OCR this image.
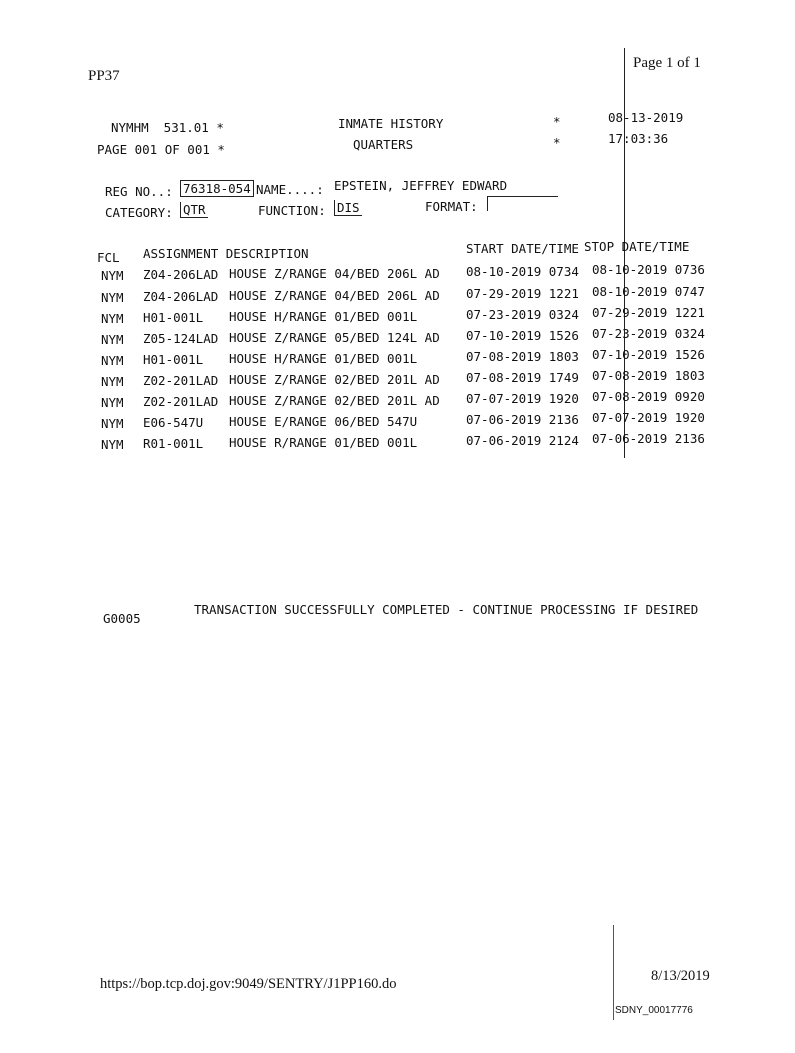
Page 1 of 1
PP37
NYMHM  531.01 *
PAGE 001 OF 001 *
INMATE HISTORY
QUARTERS
*
*
08-13-2019
17:03:36
REG NO..: 76318-054 NAME....: EPSTEIN, JEFFREY EDWARD
CATEGORY: QTR	FUNCTION: DIS	FORMAT:
FCL ASSIGNMENT DESCRIPTION	START DATE/TIME STOP DATE/TIME
NYM Z04-206LAD HOUSE Z/RANGE 04/BED 206L AD 08-10-2019 0734 08-10-2019 0736
NYM Z04-206LAD HOUSE Z/RANGE 04/BED 206L AD 07-29-2019 1221 08-10-2019 0747
NYM H01-001L HOUSE H/RANGE 01/BED 001L	07-23-2019 0324 07-29-2019 1221
NYM Z05-124LAD HOUSE Z/RANGE 05/BED 124L AD 07-10-2019 1526 07-23-2019 0324
NYM H01-001L HOUSE H/RANGE 01/BED 001L	07-08-2019 1803 07-10-2019 1526
NYM Z02-201LAD HOUSE Z/RANGE 02/BED 201L AD 07-08-2019 1749 07-08-2019 1803
NYM Z02-201LAD HOUSE Z/RANGE 02/BED 201L AD 07-07-2019 1920 07-08-2019 0920
NYM E06-547U HOUSE E/RANGE 06/BED 547U	07-06-2019 2136 07-07-2019 1920
NYM R01-001L HOUSE R/RANGE 01/BED 001L	07-06-2019 2124 07-06-2019 2136
G0005
TRANSACTION SUCCESSFULLY COMPLETED - CONTINUE PROCESSING IF DESIRED
https://bop.tcp.doj.gov:9049/SENTRY/J1PP160.do	8/13/2019
SDNY_00017776
